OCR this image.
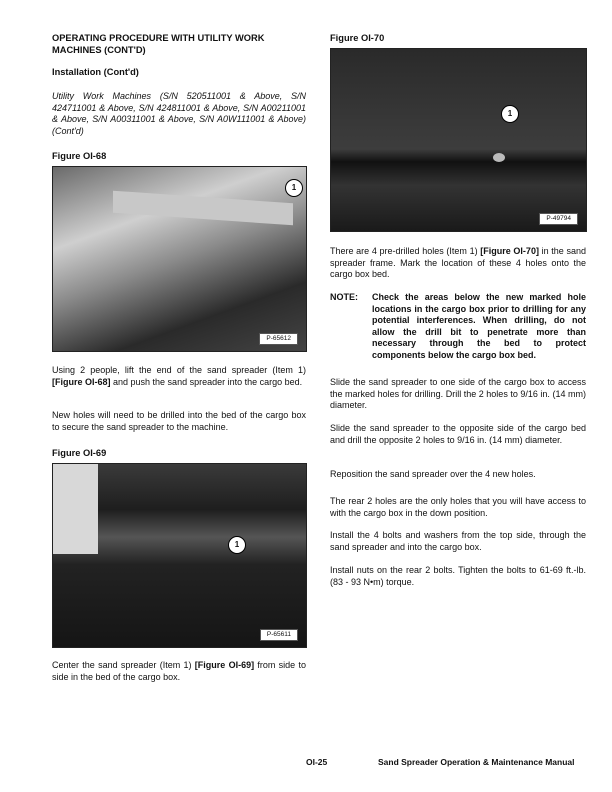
OPERATING PROCEDURE WITH UTILITY WORK MACHINES (CONT'D)

Installation (Cont'd)

Utility Work Machines (S/N 520511001 & Above, S/N 424711001 & Above, S/N 424811001 & Above, S/N A00211001 & Above, S/N A00311001 & Above, S/N A0W111001 & Above) (Cont'd)

Figure OI-68

1
P-65612

Using 2 people, lift the end of the sand spreader (Item 1) [Figure OI-68] and push the sand spreader into the cargo bed.

New holes will need to be drilled into the bed of the cargo box to secure the sand spreader to the machine.

Figure OI-69

1
P-65611

Center the sand spreader (Item 1) [Figure OI-69] from side to side in the bed of the cargo box.

Figure OI-70

1
P-49794

There are 4 pre-drilled holes (Item 1) [Figure OI-70] in the sand spreader frame. Mark the location of these 4 holes onto the cargo box bed.

NOTE:	Check the areas below the new marked hole locations in the cargo box prior to drilling for any potential interferences. When drilling, do not allow the drill bit to penetrate more than necessary through the bed to protect components below the cargo box bed.

Slide the sand spreader to one side of the cargo box to access the marked holes for drilling. Drill the 2 holes to 9/16 in. (14 mm) diameter.

Slide the sand spreader to the opposite side of the cargo bed and drill the opposite 2 holes to 9/16 in. (14 mm) diameter.

Reposition the sand spreader over the 4 new holes.

The rear 2 holes are the only holes that you will have access to with the cargo box in the down position.

Install the 4 bolts and washers from the top side, through the sand spreader and into the cargo box.

Install nuts on the rear 2 bolts. Tighten the bolts to 61-69 ft.-lb. (83 - 93 N•m) torque.

OI-25	Sand Spreader Operation & Maintenance Manual
